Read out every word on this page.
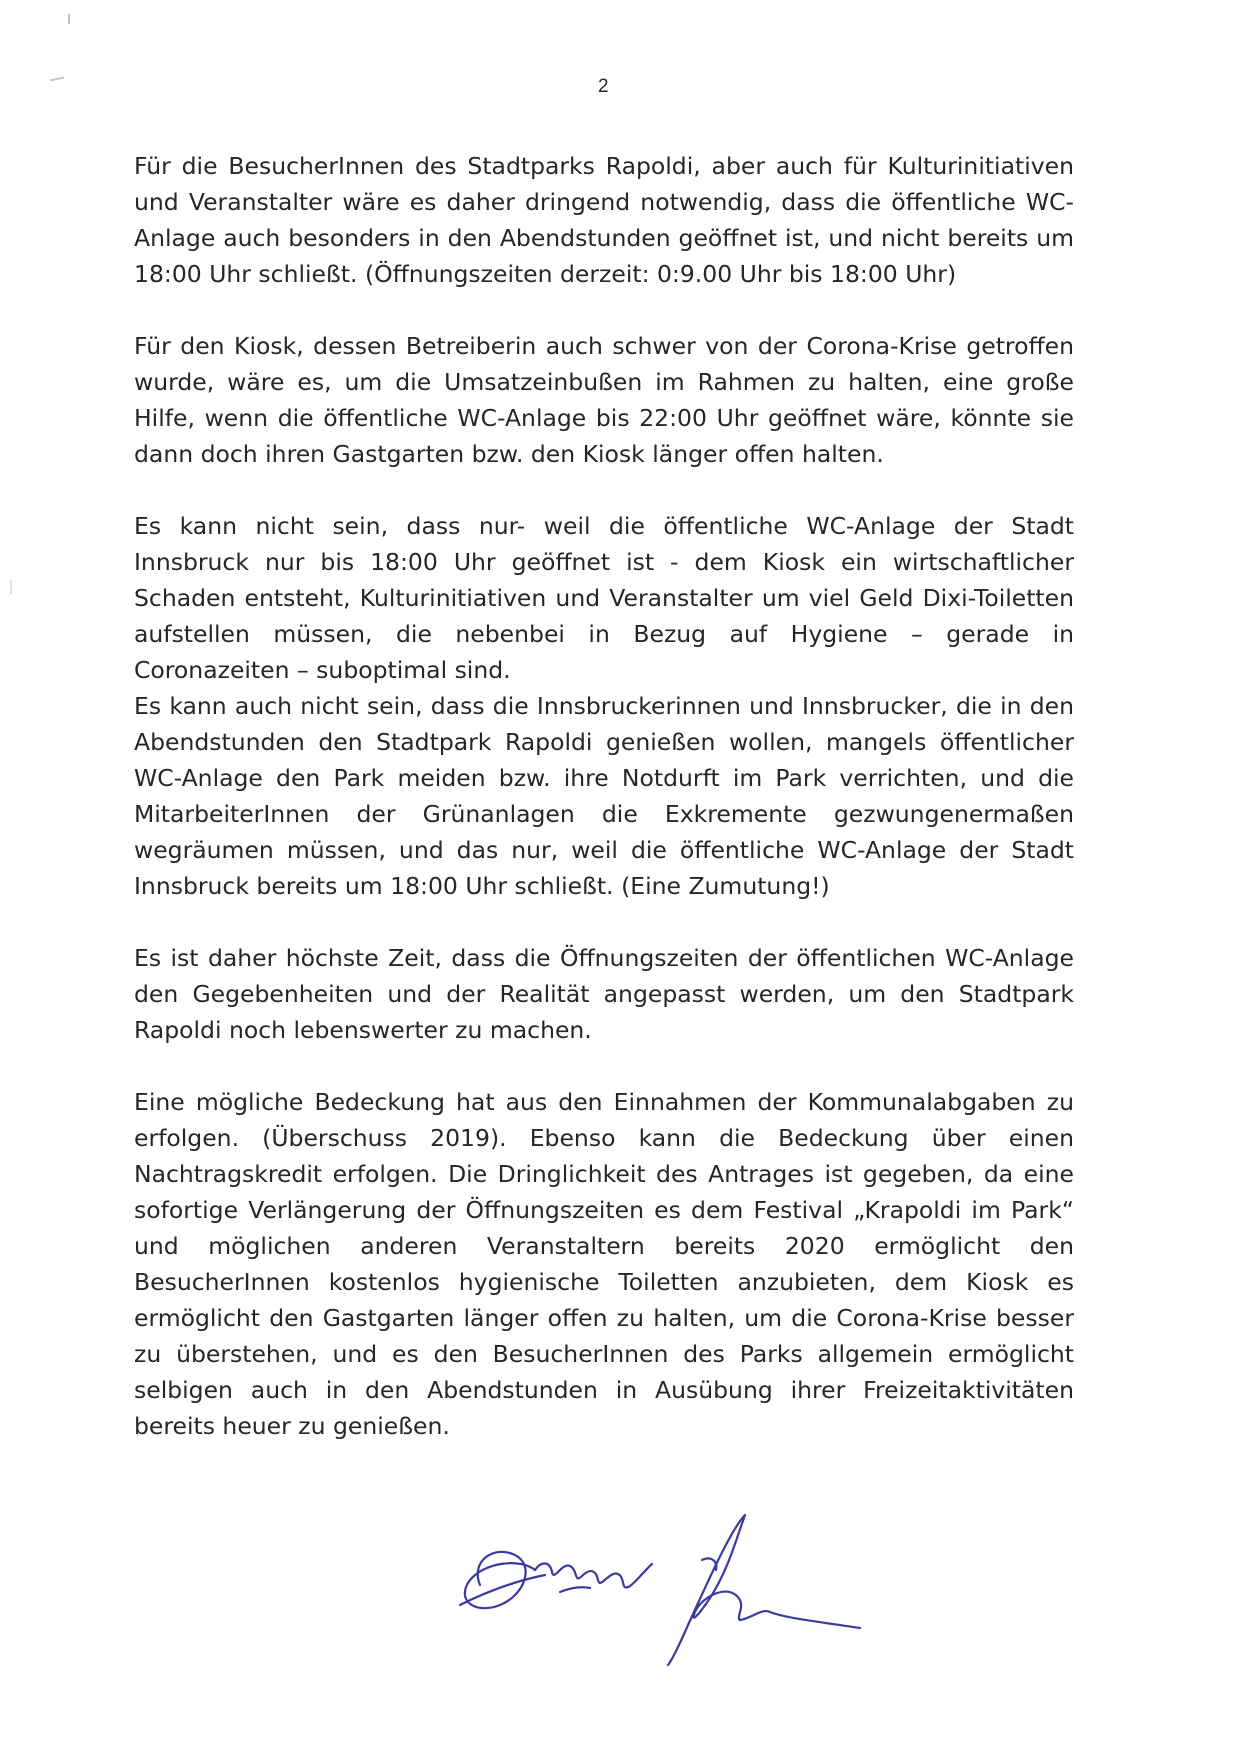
2

Für die BesucherInnen des Stadtparks Rapoldi, aber auch für Kulturinitiativen und Veranstalter wäre es daher dringend notwendig, dass die öffentliche WC-Anlage auch besonders in den Abendstunden geöffnet ist, und nicht bereits um 18:00 Uhr schließt. (Öffnungszeiten derzeit: 0:9.00 Uhr bis 18:00 Uhr)

Für den Kiosk, dessen Betreiberin auch schwer von der Corona-Krise getroffen wurde, wäre es, um die Umsatzeinbußen im Rahmen zu halten, eine große Hilfe, wenn die öffentliche WC-Anlage bis 22:00 Uhr geöffnet wäre, könnte sie dann doch ihren Gastgarten bzw. den Kiosk länger offen halten.

Es kann nicht sein, dass nur- weil die öffentliche WC-Anlage der Stadt Innsbruck nur bis 18:00 Uhr geöffnet ist - dem Kiosk ein wirtschaftlicher Schaden entsteht, Kulturinitiativen und Veranstalter um viel Geld Dixi-Toiletten aufstellen müssen, die nebenbei in Bezug auf Hygiene – gerade in Coronazeiten – suboptimal sind.

Es kann auch nicht sein, dass die Innsbruckerinnen und Innsbrucker, die in den Abendstunden den Stadtpark Rapoldi genießen wollen, mangels öffentlicher WC-Anlage den Park meiden bzw. ihre Notdurft im Park verrichten, und die MitarbeiterInnen der Grünanlagen die Exkremente gezwungenermaßen wegräumen müssen, und das nur, weil die öffentliche WC-Anlage der Stadt Innsbruck bereits um 18:00 Uhr schließt. (Eine Zumutung!)

Es ist daher höchste Zeit, dass die Öffnungszeiten der öffentlichen WC-Anlage den Gegebenheiten und der Realität angepasst werden, um den Stadtpark Rapoldi noch lebenswerter zu machen.

Eine mögliche Bedeckung hat aus den Einnahmen der Kommunalabgaben zu erfolgen. (Überschuss 2019). Ebenso kann die Bedeckung über einen Nachtragskredit erfolgen. Die Dringlichkeit des Antrages ist gegeben, da eine sofortige Verlängerung der Öffnungszeiten es dem Festival „Krapoldi im Park“ und möglichen anderen Veranstaltern bereits 2020 ermöglicht den BesucherInnen kostenlos hygienische Toiletten anzubieten, dem Kiosk es ermöglicht den Gastgarten länger offen zu halten, um die Corona-Krise besser zu überstehen, und es den BesucherInnen des Parks allgemein ermöglicht selbigen auch in den Abendstunden in Ausübung ihrer Freizeitaktivitäten bereits heuer zu genießen.
